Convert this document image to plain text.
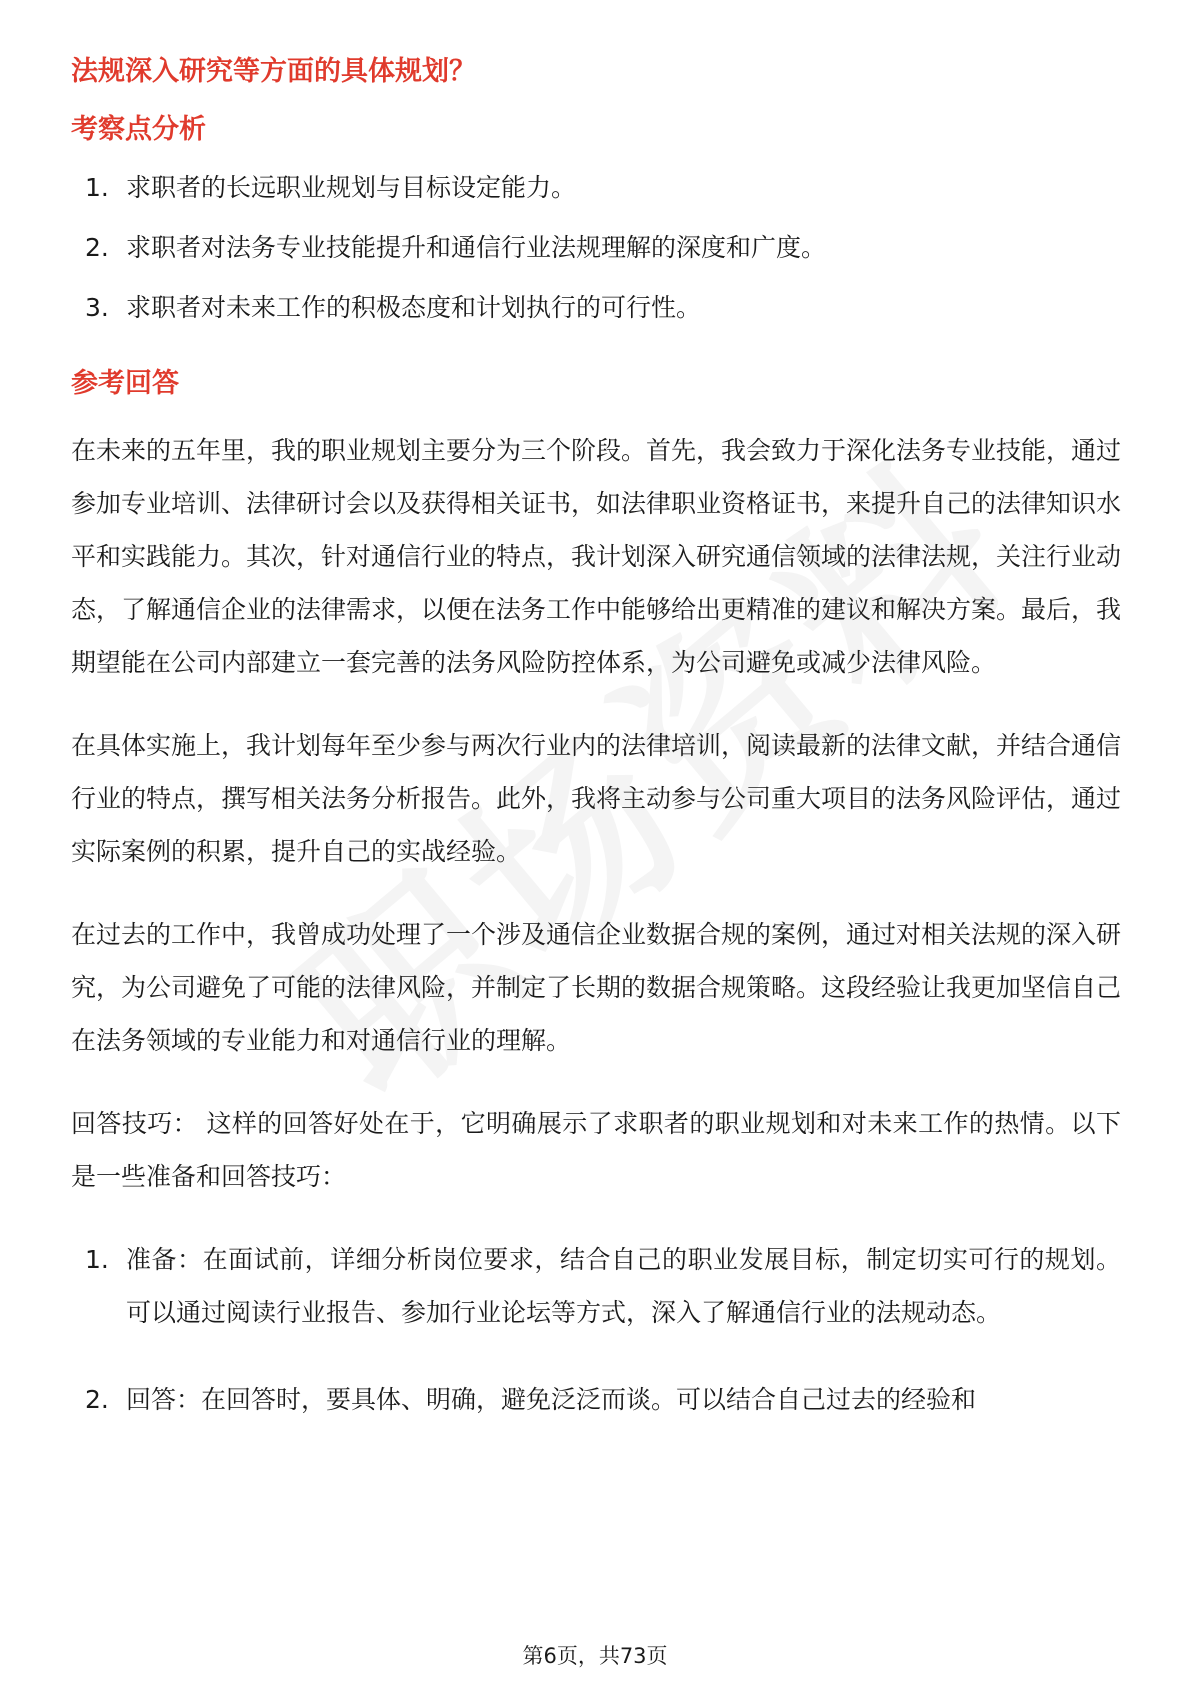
法规深入研究等方面的具体规划？
考察点分析
1. 求职者的长远职业规划与目标设定能力。
2. 求职者对法务专业技能提升和通信行业法规理解的深度和广度。
3. 求职者对未来工作的积极态度和计划执行的可行性。
参考回答

在未来的五年里，我的职业规划主要分为三个阶段。首先，我会致力于深化法务专业技能，通过参加专业培训、法律研讨会以及获得相关证书，如法律职业资格证书，来提升自己的法律知识水平和实践能力。其次，针对通信行业的特点，我计划深入研究通信领域的法律法规，关注行业动态，了解通信企业的法律需求，以便在法务工作中能够给出更精准的建议和解决方案。最后，我期望能在公司内部建立一套完善的法务风险防控体系，为公司避免或减少法律风险。

在具体实施上，我计划每年至少参与两次行业内的法律培训，阅读最新的法律文献，并结合通信行业的特点，撰写相关法务分析报告。此外，我将主动参与公司重大项目的法务风险评估，通过实际案例的积累，提升自己的实战经验。

在过去的工作中，我曾成功处理了一个涉及通信企业数据合规的案例，通过对相关法规的深入研究，为公司避免了可能的法律风险，并制定了长期的数据合规策略。这段经验让我更加坚信自己在法务领域的专业能力和对通信行业的理解。

回答技巧： 这样的回答好处在于，它明确展示了求职者的职业规划和对未来工作的热情。以下是一些准备和回答技巧：

1. 准备：在面试前，详细分析岗位要求，结合自己的职业发展目标，制定切实可行的规划。可以通过阅读行业报告、参加行业论坛等方式，深入了解通信行业的法规动态。
2. 回答：在回答时，要具体、明确，避免泛泛而谈。可以结合自己过去的经验和
第6页，共73页
